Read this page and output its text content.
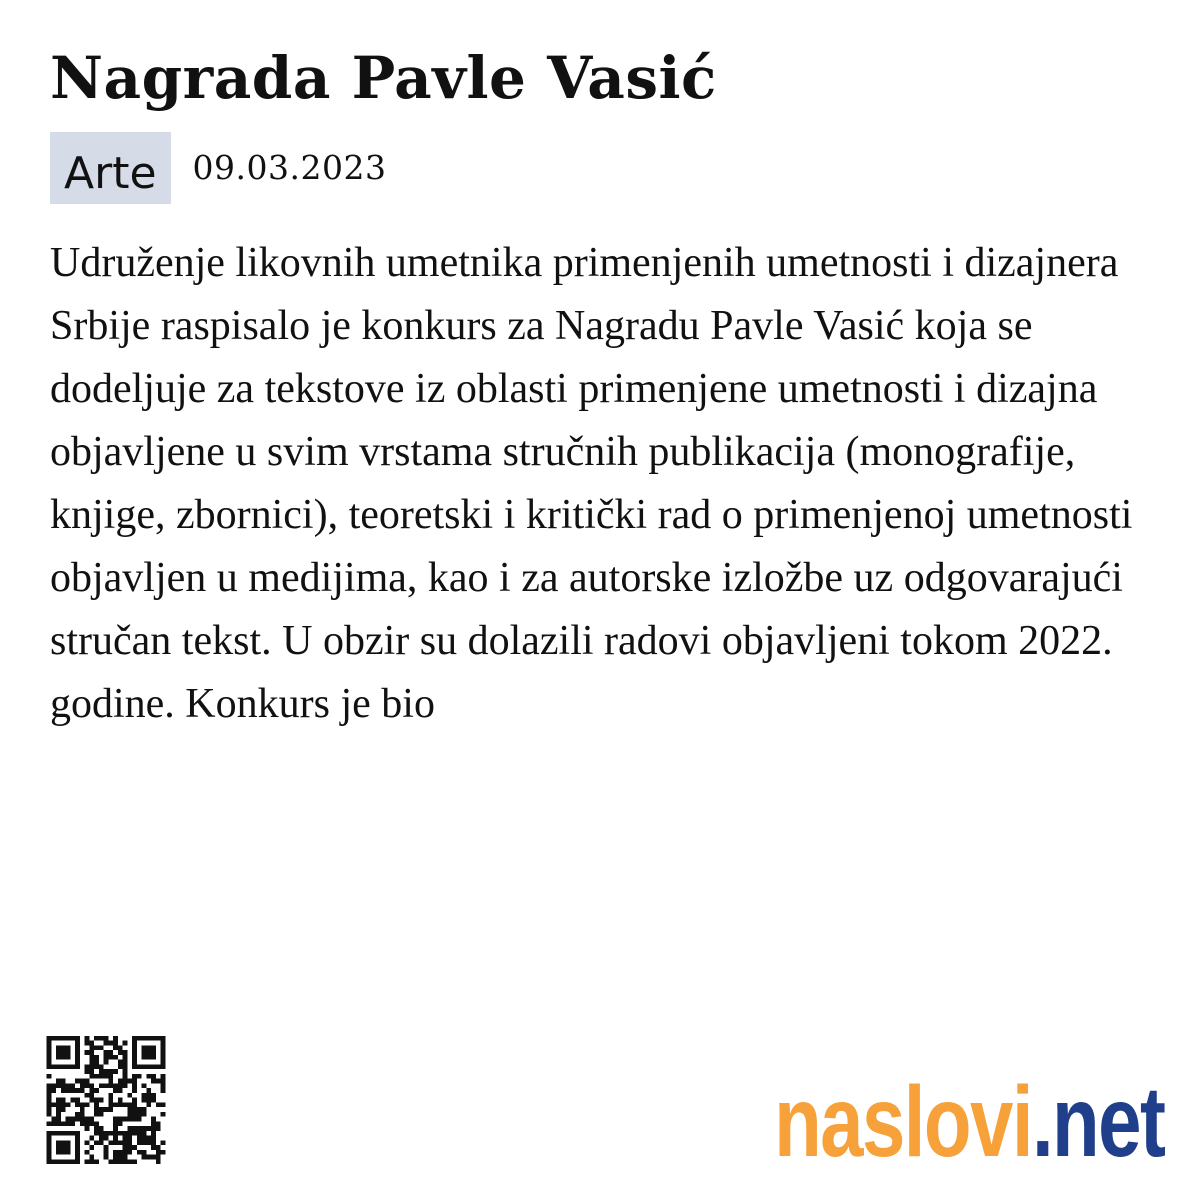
Nagrada Pavle Vasić
Arte	09.03.2023

Udruženje likovnih umetnika primenjenih umetnosti i dizajnera Srbije raspisalo je konkurs za Nagradu Pavle Vasić koja se dodeljuje za tekstove iz oblasti primenjene umetnosti i dizajna objavljene u svim vrstama stručnih publikacija (monografije, knjige, zbornici), teoretski i kritički rad o primenjenoj umetnosti objavljen u medijima, kao i za autorske izložbe uz odgovarajući stručan tekst. U obzir su dolazili radovi objavljeni tokom 2022. godine. Konkurs je bio

naslovi .net
